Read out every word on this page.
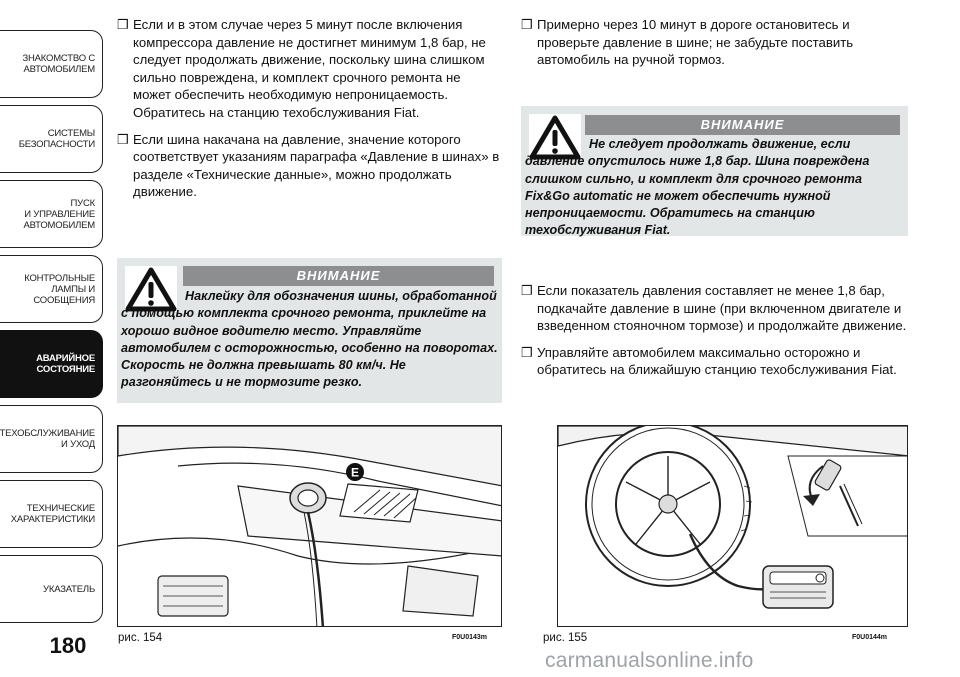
ЗНАКОМСТВО С
АВТОМОБИЛЕМ
СИСТЕМЫ
БЕЗОПАСНОСТИ
ПУСК
И УПРАВЛЕНИЕ
АВТОМОБИЛЕМ
КОНТРОЛЬНЫЕ
ЛАМПЫ И
СООБЩЕНИЯ
АВАРИЙНОЕ
СОСТОЯНИЕ
ТЕХОБСЛУЖИВАНИЕ
И УХОД
ТЕХНИЧЕСКИЕ
ХАРАКТЕРИСТИКИ
УКАЗАТЕЛЬ
180
❒ Если и в этом случае через 5 минут после включения компрессора давление не достигнет минимум 1,8 бар, не следует продолжать движение, поскольку шина слишком сильно повреждена, и комплект срочного ремонта не может обеспечить необходимую непроницаемость. Обратитесь на станцию техобслуживания Fiat.
❒ Если шина накачана на давление, значение которого соответствует указаниям параграфа «Давление в шинах» в разделе «Технические данные», можно продолжать движение.
ВНИМАНИЕ
Наклейку для обозначения шины, обработанной с помощью комплекта срочного ремонта, приклейте на хорошо видное водителю место. Управляйте автомобилем с осторожностью, особенно на поворотах. Скорость не должна превышать 80 км/ч. Не разгоняйтесь и не тормозите резко.
❒ Примерно через 10 минут в дороге остановитесь и проверьте давление в шине; не забудьте поставить автомобиль на ручной тормоз.
ВНИМАНИЕ
Не следует продолжать движение, если давление опустилось ниже 1,8 бар. Шина повреждена слишком сильно, и комплект для срочного ремонта Fix&Go automatic не может обеспечить нужной непроницаемости. Обратитесь на станцию техобслуживания Fiat.
❒ Если показатель давления составляет не менее 1,8 бар, подкачайте давление в шине (при включенном двигателе и взведенном стояночном тормозе) и продолжайте движение.
❒ Управляйте автомобилем максимально осторожно и обратитесь на ближайшую станцию техобслуживания Fiat.
E
рис. 154	F0U0143m	рис. 155	F0U0144m
carmanualsonline.info
